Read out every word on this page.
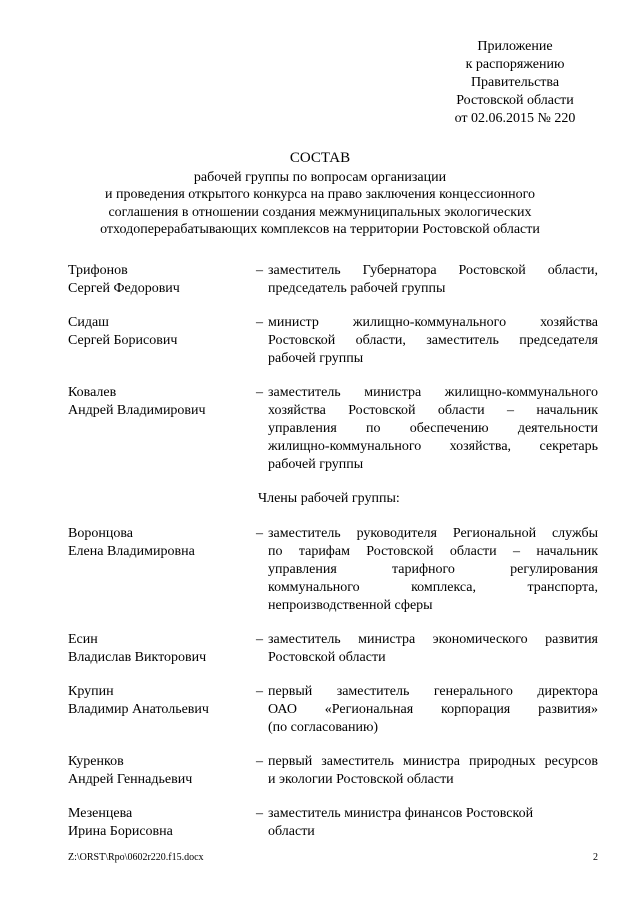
Приложение
к распоряжению
Правительства
Ростовской области
от 02.06.2015 № 220
СОСТАВ
рабочей группы по вопросам организации
и проведения открытого конкурса на право заключения концессионного
соглашения в отношении создания межмуниципальных экологических
отходоперерабатывающих комплексов на территории Ростовской области
Трифонов
Сергей Федорович
– заместитель Губернатора Ростовской области,
председатель рабочей группы
Сидаш
Сергей Борисович
– министр жилищно-коммунального хозяйства
Ростовской области, заместитель председателя
рабочей группы
Ковалев
Андрей Владимирович
– заместитель министра жилищно-коммунального
хозяйства Ростовской области – начальник
управления по обеспечению деятельности
жилищно-коммунального хозяйства, секретарь
рабочей группы
Члены рабочей группы:
Воронцова
Елена Владимировна
– заместитель руководителя Региональной службы
по тарифам Ростовской области – начальник
управления тарифного регулирования
коммунального комплекса, транспорта,
непроизводственной сферы
Есин
Владислав Викторович
– заместитель министра экономического развития
Ростовской области
Крупин
Владимир Анатольевич
– первый заместитель генерального директора
ОАО «Региональная корпорация развития»
(по согласованию)
Куренков
Андрей Геннадьевич
– первый заместитель министра природных ресурсов
и экологии Ростовской области
Мезенцева
Ирина Борисовна
– заместитель министра финансов Ростовской
области
Z:\ORST\Rpo\0602r220.f15.docx	2
